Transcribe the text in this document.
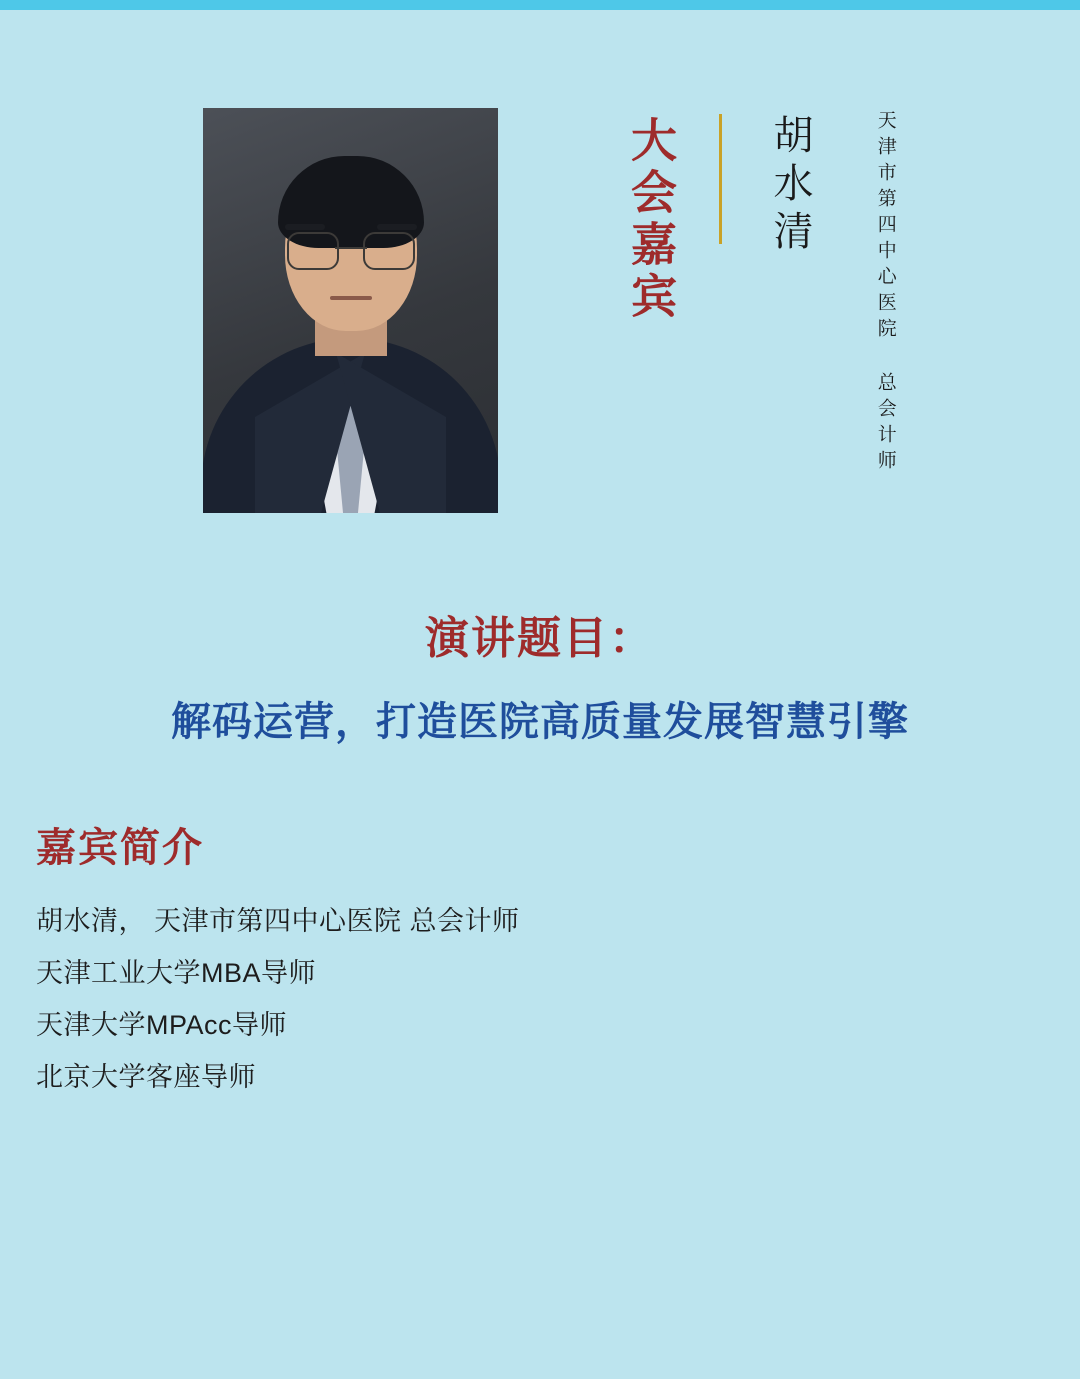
大会嘉宾 胡水清	天津市第四中心医院 总会计师
演讲题目：
解码运营，打造医院高质量发展智慧引擎
嘉宾简介
胡水清， 天津市第四中心医院 总会计师
天津工业大学MBA导师
天津大学MPAcc导师
北京大学客座导师
